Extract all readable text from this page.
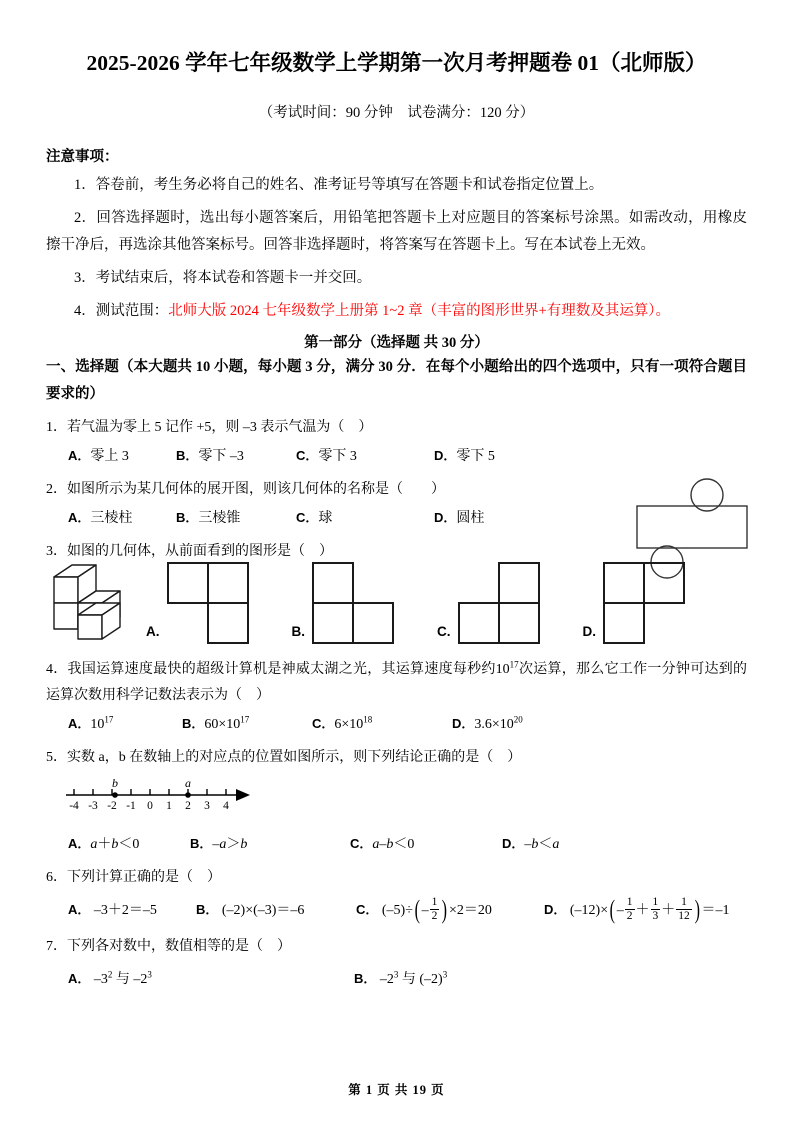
2025-2026 学年七年级数学上学期第一次月考押题卷 01（北师版）
（考试时间：90 分钟　试卷满分：120 分）
注意事项：
1．答卷前，考生务必将自己的姓名、准考证号等填写在答题卡和试卷指定位置上。
2．回答选择题时，选出每小题答案后，用铅笔把答题卡上对应题目的答案标号涂黑。如需改动，用橡皮擦干净后，再选涂其他答案标号。回答非选择题时，将答案写在答题卡上。写在本试卷上无效。
3．考试结束后，将本试卷和答题卡一并交回。
4．测试范围：北师大版 2024 七年级数学上册第 1~2 章（丰富的图形世界+有理数及其运算）。
第一部分（选择题 共 30 分）
一、选择题（本大题共 10 小题，每小题 3 分，满分 30 分．在每个小题给出的四个选项中，只有一项符合题目要求的）
1．若气温为零上 5 记作 +5，则 –3 表示气温为（　）
A．零上 3	B．零下 –3	C．零下 3	D．零下 5
2．如图所示为某几何体的展开图，则该几何体的名称是（　　）
A．三棱柱	B．三棱锥	C．球	D．圆柱
3．如图的几何体，从前面看到的图形是（　）
A.	B.	C.	D.
4．我国运算速度最快的超级计算机是神威太湖之光，其运算速度每秒约$10^{17}$次运算，那么它工作一分钟可达到的运算次数用科学记数法表示为（　）
A．$10^{17}$	B．$60\times 10^{17}$	C．$6\times 10^{18}$	D．$3.6\times 10^{20}$
5．实数 a，b 在数轴上的对应点的位置如图所示，则下列结论正确的是（　）
b	a
-4 -3 -2 -1 0 1 2 3 4
A．a＋b＜0	B．–a＞b	C．a–b＜0	D．–b＜a
6．下列计算正确的是（　）
A． –3＋2＝–5	B． (–2)×(–3)＝–6	C． $(-5)\div( - \frac{1}{2}$ ) ×2＝20	D． $(-12)\times( - \frac{1}{2} + \frac{1}{3} + \frac{1}{12}$ ) ＝–1
7．下列各对数中，数值相等的是（　）
A． $-3^2$ 与 $-2^3$	B． $-2^3$ 与 $(-2)^3$
第 1 页 共 19 页
